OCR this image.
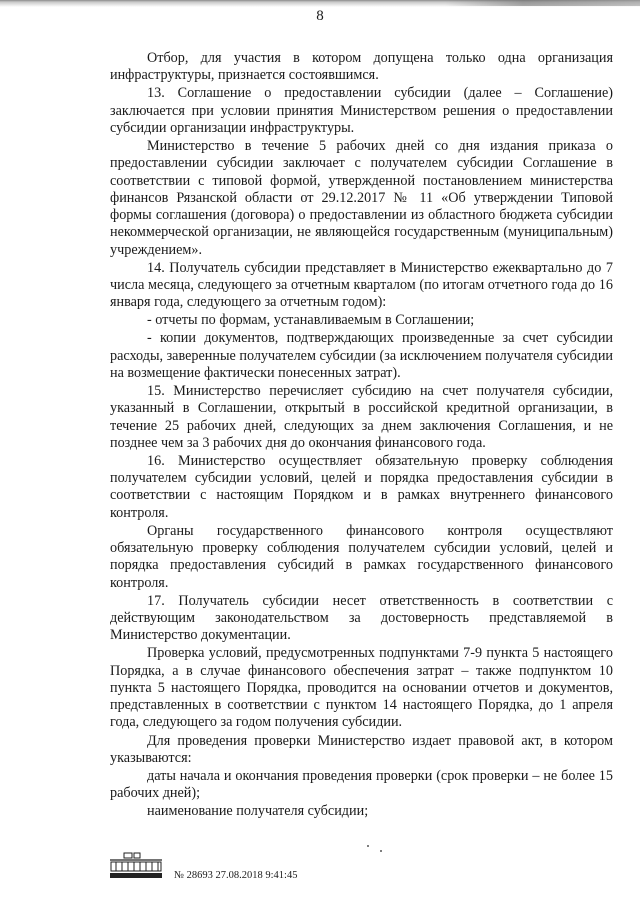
8

Отбор, для участия в котором допущена только одна организация инфраструктуры, признается состоявшимся.

13. Соглашение о предоставлении субсидии (далее – Соглашение) заключается при условии принятия Министерством решения о предоставлении субсидии организации инфраструктуры.

Министерство в течение 5 рабочих дней со дня издания приказа о предоставлении субсидии заключает с получателем субсидии Соглашение в соответствии с типовой формой, утвержденной постановлением министерства финансов Рязанской области от 29.12.2017 № 11 «Об утверждении Типовой формы соглашения (договора) о предоставлении из областного бюджета субсидии некоммерческой организации, не являющейся государственным (муниципальным) учреждением».

14. Получатель субсидии представляет в Министерство ежеквартально до 7 числа месяца, следующего за отчетным кварталом (по итогам отчетного года до 16 января года, следующего за отчетным годом):

- отчеты по формам, устанавливаемым в Соглашении;

- копии документов, подтверждающих произведенные за счет субсидии расходы, заверенные получателем субсидии (за исключением получателя субсидии на возмещение фактически понесенных затрат).

15. Министерство перечисляет субсидию на счет получателя субсидии, указанный в Соглашении, открытый в российской кредитной организации, в течение 25 рабочих дней, следующих за днем заключения Соглашения, и не позднее чем за 3 рабочих дня до окончания финансового года.

16. Министерство осуществляет обязательную проверку соблюдения получателем субсидии условий, целей и порядка предоставления субсидии в соответствии с настоящим Порядком и в рамках внутреннего финансового контроля.

Органы государственного финансового контроля осуществляют обязательную проверку соблюдения получателем субсидии условий, целей и порядка предоставления субсидий в рамках государственного финансового контроля.

17. Получатель субсидии несет ответственность в соответствии с действующим законодательством за достоверность представляемой в Министерство документации.

Проверка условий, предусмотренных подпунктами 7-9 пункта 5 настоящего Порядка, а в случае финансового обеспечения затрат – также подпунктом 10 пункта 5 настоящего Порядка, проводится на основании отчетов и документов, представленных в соответствии с пунктом 14 настоящего Порядка, до 1 апреля года, следующего за годом получения субсидии.

Для проведения проверки Министерство издает правовой акт, в котором указываются:

даты начала и окончания проведения проверки (срок проверки – не более 15 рабочих дней);

наименование получателя субсидии;

№ 28693 27.08.2018 9:41:45
